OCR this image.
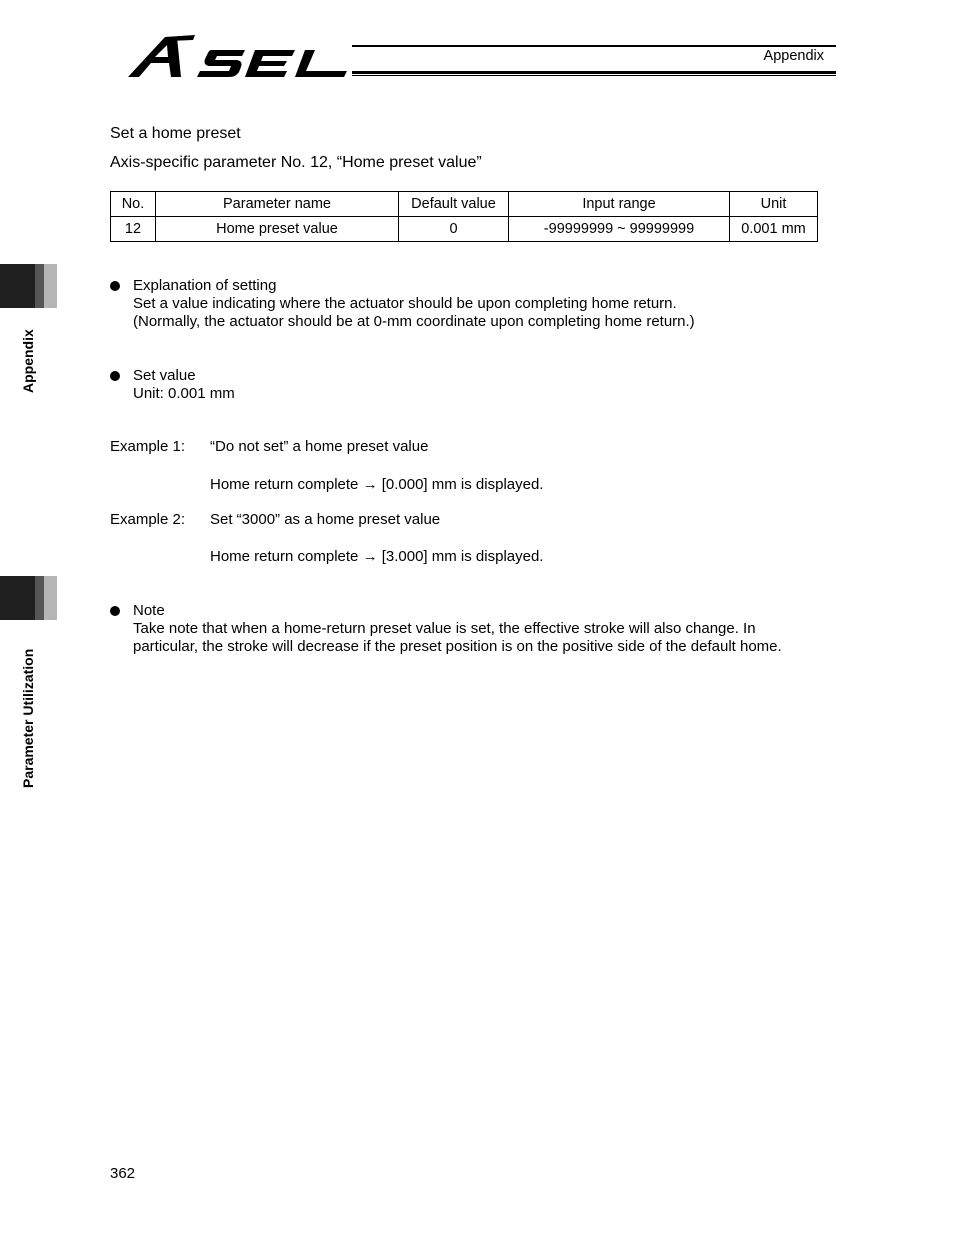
Appendix
Appendix
Parameter Utilization
Set a home preset
Axis-specific parameter No. 12, “Home preset value”
No.	Parameter name	Default value	Input range	Unit
12	Home preset value	0	-99999999 ~ 99999999	0.001 mm
Explanation of setting
Set a value indicating where the actuator should be upon completing home return.
(Normally, the actuator should be at 0-mm coordinate upon completing home return.)
Set value
Unit: 0.001 mm
Example 1: “Do not set” a home preset value
Home return complete → [0.000] mm is displayed.
Example 2: Set “3000” as a home preset value
Home return complete → [3.000] mm is displayed.
Note
Take note that when a home-return preset value is set, the effective stroke will also change. In
particular, the stroke will decrease if the preset position is on the positive side of the default home.
362
